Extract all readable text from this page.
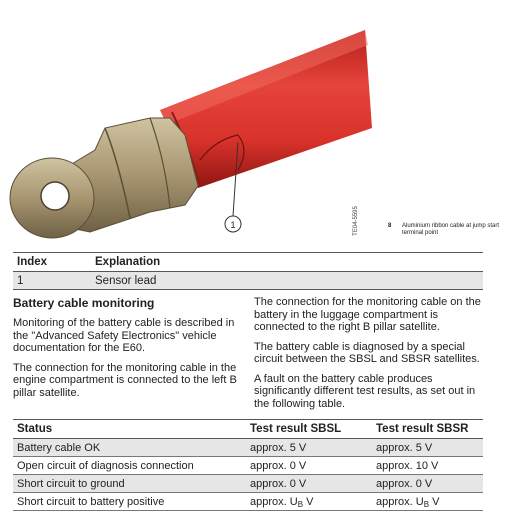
1	TE04-5595	8 Aluminium ribbon cable at jump start terminal point
Index	Explanation
1	Sensor lead
Battery cable monitoring

Monitoring of the battery cable is described in the "Advanced Safety Electronics" vehicle documentation for the E60.

The connection for the monitoring cable in the engine compartment is connected to the left B pillar satellite.

The connection for the monitoring cable on the battery in the luggage compartment is connected to the right B pillar satellite.

The battery cable is diagnosed by a special circuit between the SBSL and SBSR satellites.

A fault on the battery cable produces significantly different test results, as set out in the following table.

Status	Test result SBSL	Test result SBSR
Battery cable OK	approx. 5 V	approx. 5 V
Open circuit of diagnosis connection	approx. 0 V	approx. 10 V
Short circuit to ground	approx. 0 V	approx. 0 V
Short circuit to battery positive	approx. $U_B$ V	approx. $U_B$ V
